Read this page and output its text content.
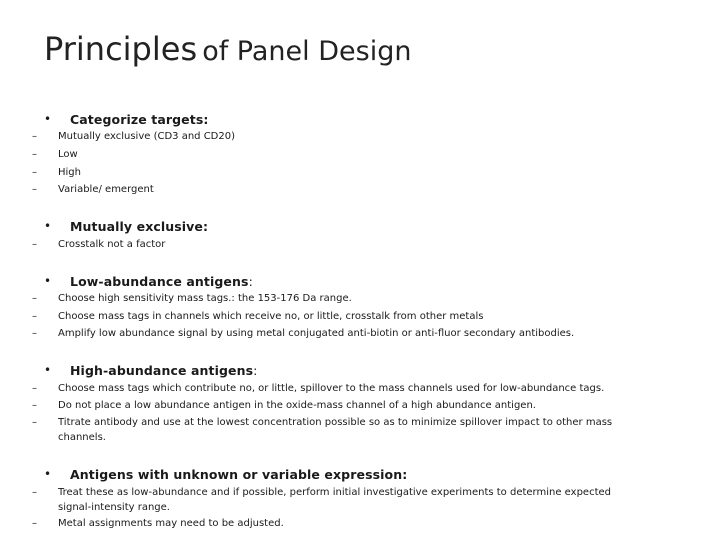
Principles of Panel Design
•	Categorize targets:
– Mutually exclusive (CD3 and CD20)
– Low
– High
– Variable/ emergent
•	Mutually exclusive:
– Crosstalk not a factor
•	Low-abundance antigens:
– Choose high sensitivity mass tags.: the 153-176 Da range.
– Choose mass tags in channels which receive no, or little, crosstalk from other metals
– Amplify low abundance signal by using metal conjugated anti-biotin or anti-fluor secondary antibodies.
•	High-abundance antigens:
– Choose mass tags which contribute no, or little, spillover to the mass channels used for low-abundance tags.
– Do not place a low abundance antigen in the oxide-mass channel of a high abundance antigen.
– Titrate antibody and use at the lowest concentration possible so as to minimize spillover impact to other mass channels.
•	Antigens with unknown or variable expression:
– Treat these as low-abundance and if possible, perform initial investigative experiments to determine expected signal-intensity range.
– Metal assignments may need to be adjusted.
